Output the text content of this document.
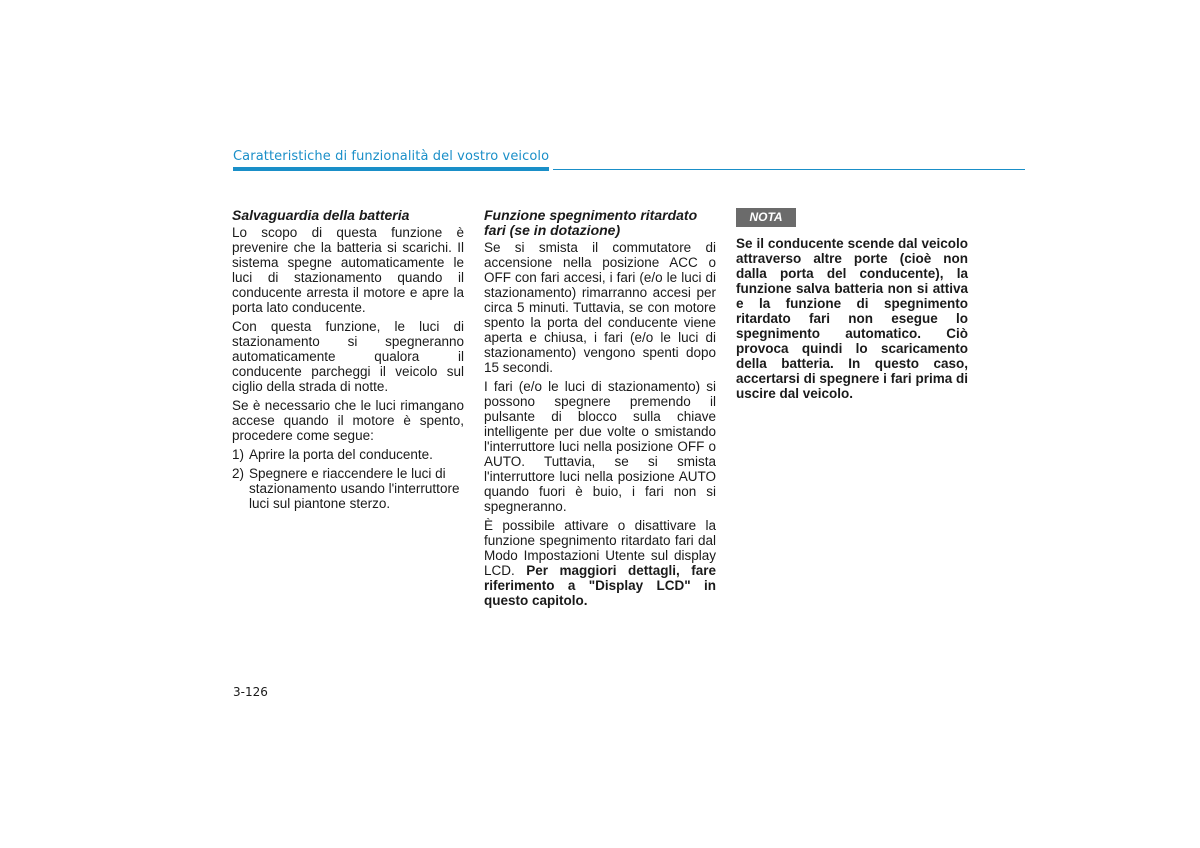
Caratteristiche di funzionalità del vostro veicolo
Salvaguardia della batteria

Lo scopo di questa funzione è prevenire che la batteria si scarichi. Il sistema spegne automaticamente le luci di stazionamento quando il conducente arresta il motore e apre la porta lato conducente.

Con questa funzione, le luci di stazionamento si spegneranno automaticamente qualora il conducente parcheggi il veicolo sul ciglio della strada di notte.

Se è necessario che le luci rimangano accese quando il motore è spento, procedere come segue:

1) Aprire la porta del conducente.
2) Spegnere e riaccendere le luci di stazionamento usando l'interruttore luci sul piantone sterzo.
Funzione spegnimento ritardato fari (se in dotazione)

Se si smista il commutatore di accensione nella posizione ACC o OFF con fari accesi, i fari (e/o le luci di stazionamento) rimarranno accesi per circa 5 minuti. Tuttavia, se con motore spento la porta del conducente viene aperta e chiusa, i fari (e/o le luci di stazionamento) vengono spenti dopo 15 secondi.

I fari (e/o le luci di stazionamento) si possono spegnere premendo il pulsante di blocco sulla chiave intelligente per due volte o smistando l'interruttore luci nella posizione OFF o AUTO. Tuttavia, se si smista l'interruttore luci nella posizione AUTO quando fuori è buio, i fari non si spegneranno.

È possibile attivare o disattivare la funzione spegnimento ritardato fari dal Modo Impostazioni Utente sul display LCD. Per maggiori dettagli, fare riferimento a "Display LCD" in questo capitolo.

NOTA

Se il conducente scende dal veicolo attraverso altre porte (cioè non dalla porta del conducente), la funzione salva batteria non si attiva e la funzione di spegnimento ritardato fari non esegue lo spegnimento automatico. Ciò provoca quindi lo scaricamento della batteria. In questo caso, accertarsi di spegnere i fari prima di uscire dal veicolo.

3-126
